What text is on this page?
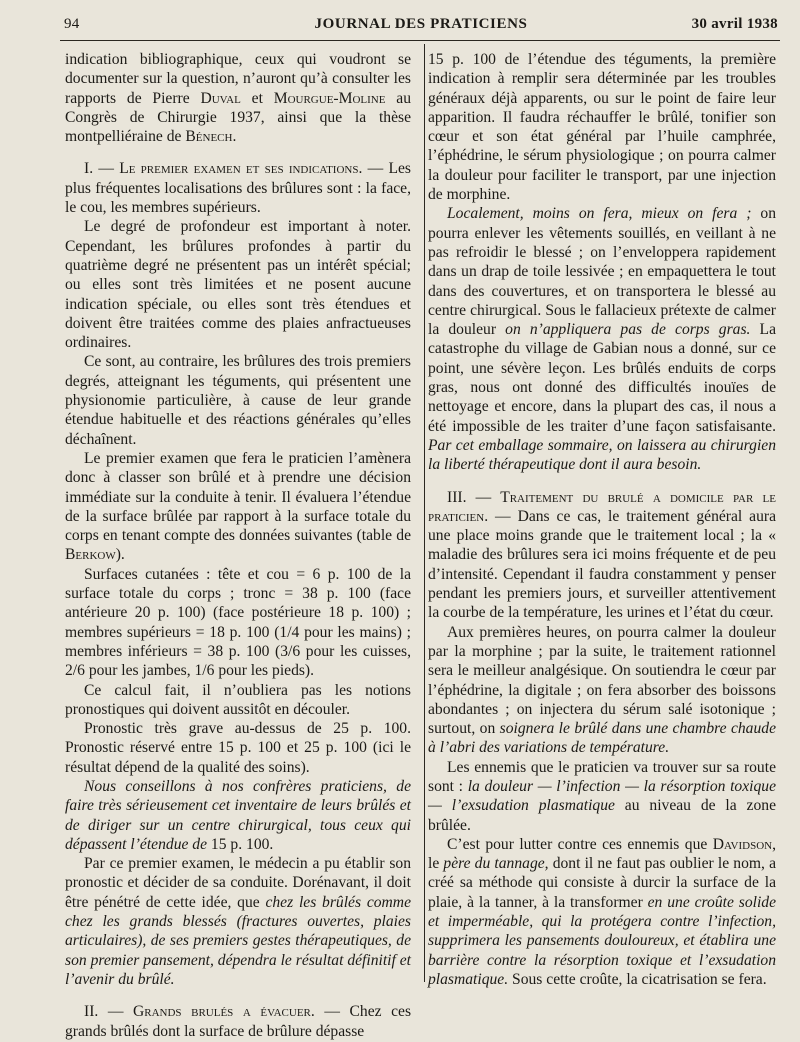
94	JOURNAL DES PRATICIENS	30 avril 1938

indication bibliographique, ceux qui voudront se documenter sur la question, n’auront qu’à consulter les rapports de Pierre Duval et Mourgue-Moline au Congrès de Chirurgie 1937, ainsi que la thèse montpelliéraine de Bénech.

I. — Le premier examen et ses indications. — Les plus fréquentes localisations des brûlures sont : la face, le cou, les membres supérieurs.

Le degré de profondeur est important à noter. Cependant, les brûlures profondes à partir du quatrième degré ne présentent pas un intérêt spécial; ou elles sont très limitées et ne posent aucune indication spéciale, ou elles sont très étendues et doivent être traitées comme des plaies anfractueuses ordinaires.

Ce sont, au contraire, les brûlures des trois premiers degrés, atteignant les téguments, qui présentent une physionomie particulière, à cause de leur grande étendue habituelle et des réactions générales qu’elles déchaînent.

Le premier examen que fera le praticien l’amènera donc à classer son brûlé et à prendre une décision immédiate sur la conduite à tenir. Il évaluera l’étendue de la surface brûlée par rapport à la surface totale du corps en tenant compte des données suivantes (table de Berkow).

Surfaces cutanées : tête et cou = 6 p. 100 de la surface totale du corps ; tronc = 38 p. 100 (face antérieure 20 p. 100) (face postérieure 18 p. 100) ; membres supérieurs = 18 p. 100 (1/4 pour les mains) ; membres inférieurs = 38 p. 100 (3/6 pour les cuisses, 2/6 pour les jambes, 1/6 pour les pieds).

Ce calcul fait, il n’oubliera pas les notions pronostiques qui doivent aussitôt en découler.

Pronostic très grave au-dessus de 25 p. 100. Pronostic réservé entre 15 p. 100 et 25 p. 100 (ici le résultat dépend de la qualité des soins).

Nous conseillons à nos confrères praticiens, de faire très sérieusement cet inventaire de leurs brûlés et de diriger sur un centre chirurgical, tous ceux qui dépassent l’étendue de 15 p. 100.

Par ce premier examen, le médecin a pu établir son pronostic et décider de sa conduite. Dorénavant, il doit être pénétré de cette idée, que chez les brûlés comme chez les grands blessés (fractures ouvertes, plaies articulaires), de ses premiers gestes thérapeutiques, de son premier pansement, dépendra le résultat définitif et l’avenir du brûlé.

II. — Grands brulés a évacuer. — Chez ces grands brûlés dont la surface de brûlure dépasse

15 p. 100 de l’étendue des téguments, la première indication à remplir sera déterminée par les troubles généraux déjà apparents, ou sur le point de faire leur apparition. Il faudra réchauffer le brûlé, tonifier son cœur et son état général par l’huile camphrée, l’éphédrine, le sérum physiologique ; on pourra calmer la douleur pour faciliter le transport, par une injection de morphine.

Localement, moins on fera, mieux on fera ; on pourra enlever les vêtements souillés, en veillant à ne pas refroidir le blessé ; on l’enveloppera rapidement dans un drap de toile lessivée ; en empaquettera le tout dans des couvertures, et on transportera le blessé au centre chirurgical. Sous le fallacieux prétexte de calmer la douleur on n’appliquera pas de corps gras. La catastrophe du village de Gabian nous a donné, sur ce point, une sévère leçon. Les brûlés enduits de corps gras, nous ont donné des difficultés inouïes de nettoyage et encore, dans la plupart des cas, il nous a été impossible de les traiter d’une façon satisfaisante. Par cet emballage sommaire, on laissera au chirurgien la liberté thérapeutique dont il aura besoin.

III. — Traitement du brulé a domicile par le praticien. — Dans ce cas, le traitement général aura une place moins grande que le traitement local ; la « maladie des brûlures sera ici moins fréquente et de peu d’intensité. Cependant il faudra constamment y penser pendant les premiers jours, et surveiller attentivement la courbe de la température, les urines et l’état du cœur.

Aux premières heures, on pourra calmer la douleur par la morphine ; par la suite, le traitement rationnel sera le meilleur analgésique. On soutiendra le cœur par l’éphédrine, la digitale ; on fera absorber des boissons abondantes ; on injectera du sérum salé isotonique ; surtout, on soignera le brûlé dans une chambre chaude à l’abri des variations de température.

Les ennemis que le praticien va trouver sur sa route sont : la douleur — l’infection — la résorption toxique — l’exsudation plasmatique au niveau de la zone brûlée.

C’est pour lutter contre ces ennemis que Davidson, le père du tannage, dont il ne faut pas oublier le nom, a créé sa méthode qui consiste à durcir la surface de la plaie, à la tanner, à la transformer en une croûte solide et imperméable, qui la protégera contre l’infection, supprimera les pansements douloureux, et établira une barrière contre la résorption toxique et l’exsudation plasmatique. Sous cette croûte, la cicatrisation se fera.
